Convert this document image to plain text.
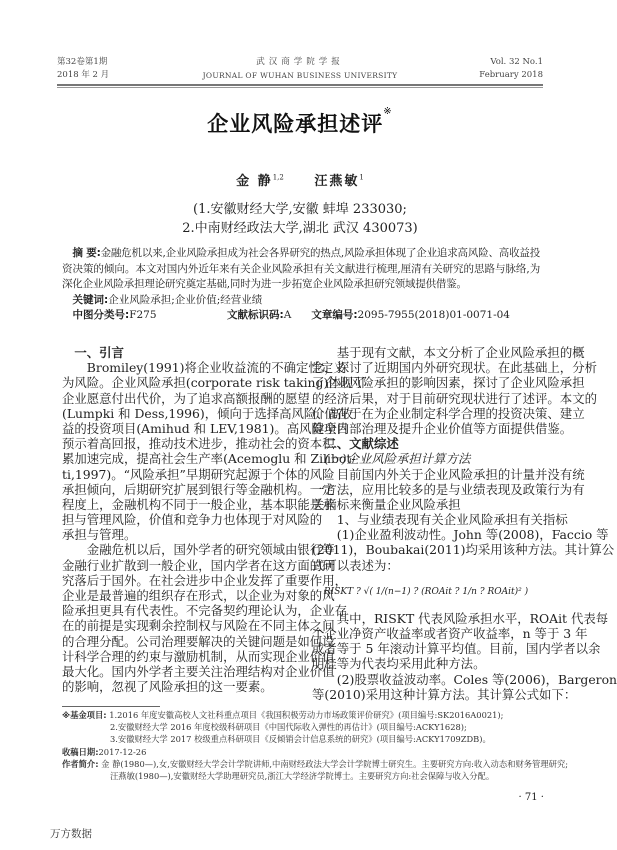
第32卷第1期
2018 年 2 月
武汉商学院学报
JOURNAL OF WUHAN BUSINESS UNIVERSITY
Vol. 32 No.1
February 2018
企业风险承担述评※
金 静$^{1,2}$ 汪燕敏$^1$
(1.安徽财经大学,安徽 蚌埠 233030;
2.中南财经政法大学,湖北 武汉 430073)
摘 要:金融危机以来,企业风险承担成为社会各界研究的热点,风险承担体现了企业追求高风险、高收益投资决策的倾向。本文对国内外近年来有关企业风险承担有关文献进行梳理,厘清有关研究的思路与脉络,为深化企业风险承担理论研究奠定基础,同时为进一步拓宽企业风险承担研究领域提供借鉴。
关键词:企业风险承担;企业价值;经营业绩
中图分类号:F275	文献标识码:A 文章编号:2095-7955(2018)01-0071-04
一、引言
Bromiley(1991)将企业收益流的不确定性定义
为风险。企业风险承担(corporate risk taking)体现了
企业愿意付出代价，为了追求高额报酬的愿望
(Lumpki 和 Dess,1996)，倾向于选择高风险、高收
益的投资项目(Amihud 和 LEV,1981)。高风险项目
预示着高回报，推动技术进步，推动社会的资本积
累加速完成，提高社会生产率(Acemoglu 和 Zilibot-
ti,1997)。“风险承担”早期研究起源于个体的风险
承担倾向，后期研究扩展到银行等金融机构。一定
程度上，金融机构不同于一般企业，基本职能是承
担与管理风险，价值和竞争力也体现于对风险的
承担与管理。
金融危机以后，国外学者的研究领域由银行等
金融行业扩散到一般企业，国内学者在这方面的研
究落后于国外。在社会进步中企业发挥了重要作用，
企业是最普遍的组织存在形式，以企业为对象的风
险承担更具有代表性。不完备契约理论认为，企业存
在的前提是实现剩余控制权与风险在不同主体之间
的合理分配。公司治理要解决的关键问题是如何设
计科学合理的约束与激励机制，从而实现企业价值
最大化。国内外学者主要关注治理结构对企业价值
的影响，忽视了风险承担的这一要素。
基于现有文献，本文分析了企业风险承担的概
念，探讨了近期国内外研究现状。在此基础上，分析
了企业风险承担的影响因素，探讨了企业风险承担
的经济后果，对于目前研究现状进行了述评。本文的
价值在于在为企业制定科学合理的投资决策、建立
健全内部治理及提升企业价值等方面提供借鉴。
二、文献综述
(一)企业风险承担计算方法
目前国内外关于企业风险承担的计量并没有统
一方法，应用比较多的是与业绩表现及政策行为有
关指标来衡量企业风险承担
1、与业绩表现有关企业风险承担有关指标
(1)企业盈利波动性。John 等(2008)，Faccio 等
(2011)，Boubakai(2011)均采用该种方法。其计算公
式可以表述为：
RISKT ? √( 1/(n−1) ? (ROAit ? 1/n ? ROAit)² )
其中，RISKT 代表风险承担水平，ROAit 代表每
个企业净资产收益率或者资产收益率，n 等于 3 年
或者等于 5 年滚动计算平均值。目前，国内学者以余
明桂等为代表均采用此种方法。
(2)股票收益波动率。Coles 等(2006)，Bargeron
等(2010)采用这种计算方法。其计算公式如下：
※基金项目: 1.2016 年度安徽高校人文社科重点项目《我国积极劳动力市场政策评价研究》(项目编号:SK2016A0021);
2.安徽财经大学 2016 年度校级科研项目《中国代际收入弹性的再估计》(项目编号:ACKY1628);
3.安徽财经大学 2017 校级重点科研项目《反倾销会计信息系统的研究》(项目编号:ACKY1709ZDB)。
收稿日期:2017-12-26
作者简介: 金 静(1980—),女,安徽财经大学会计学院讲师,中南财经政法大学会计学院博士研究生。主要研究方向:收入动态和财务管理研究;
汪燕敏(1980—),安徽财经大学助理研究员,浙江大学经济学院博士。主要研究方向:社会保障与收入分配。
· 71 ·
万方数据
